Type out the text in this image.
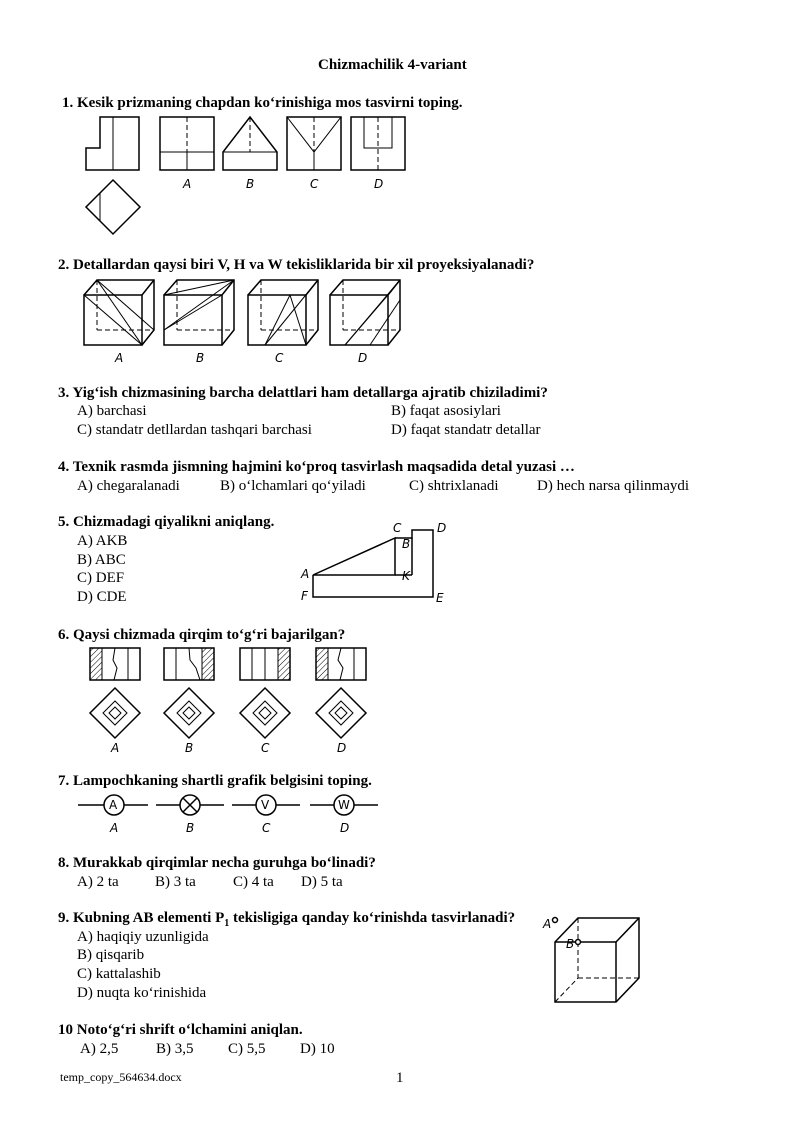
Chizmachilik 4-variant
1. Kesik prizmaning chapdan ko‘rinishiga mos tasvirni toping.
A	B	C	D
2. Detallardan qaysi biri V, H va W tekisliklarida bir xil proyeksiyalanadi?
A	B	C	D
3. Yig‘ish chizmasining barcha delattlari ham detallarga ajratib chiziladimi?
A) barchasi	B) faqat asosiylari
C) standatr detllardan tashqari barchasi	D) faqat standatr detallar
4. Texnik rasmda jismning hajmini ko‘proq tasvirlash maqsadida detal yuzasi …
A) chegaralanadi	B) o‘lchamlari qo‘yiladi	C) shtrixlanadi	D) hech narsa qilinmaydi
5. Chizmadagi qiyalikni aniqlang.
A) AKB
B) ABC
C) DEF
D) CDE
C	D
B
A	K
F	E
6. Qaysi chizmada qirqim to‘g‘ri bajarilgan?
A	B	C	D
7. Lampochkaning shartli grafik belgisini toping.
A	V	W
A	B	C	D
8. Murakkab qirqimlar necha guruhga bo‘linadi?
A) 2 ta B) 3 ta C) 4 ta D) 5 ta
9. Kubning AB elementi $P_1$ tekisligiga qanday ko‘rinishda tasvirlanadi?
A) haqiqiy uzunligida
B) qisqarib
C) kattalashib
D) nuqta ko‘rinishida
A
B
10 Noto‘g‘ri shrift o‘lchamini aniqlan.
A) 2,5	B) 3,5 C) 5,5 D) 10
temp_copy_564634.docx	1
